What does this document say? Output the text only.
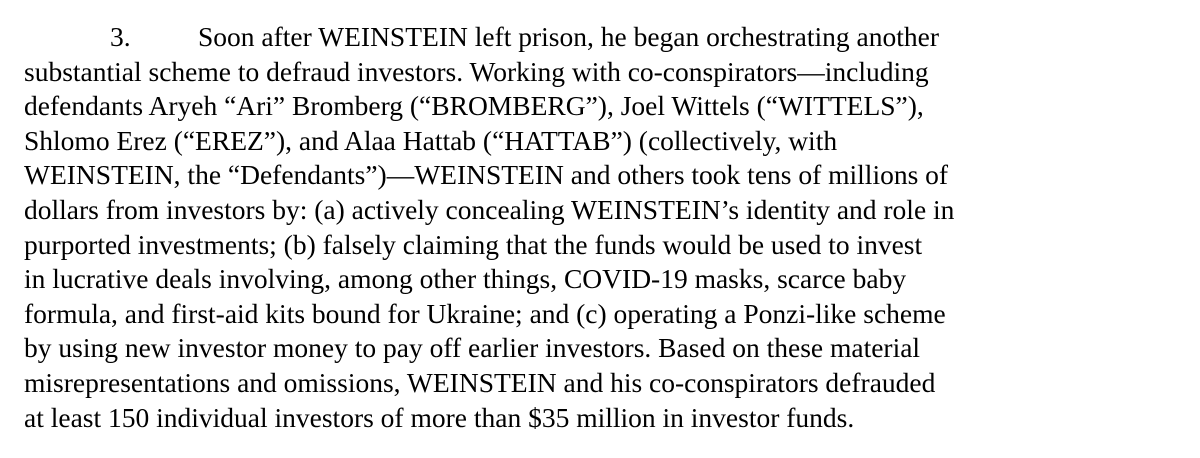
3. Soon after WEINSTEIN left prison, he began orchestrating another
substantial scheme to defraud investors. Working with co-conspirators—including
defendants Aryeh “Ari” Bromberg (“BROMBERG”), Joel Wittels (“WITTELS”),
Shlomo Erez (“EREZ”), and Alaa Hattab (“HATTAB”) (collectively, with
WEINSTEIN, the “Defendants”)—WEINSTEIN and others took tens of millions of
dollars from investors by: (a) actively concealing WEINSTEIN’s identity and role in
purported investments; (b) falsely claiming that the funds would be used to invest
in lucrative deals involving, among other things, COVID-19 masks, scarce baby
formula, and first-aid kits bound for Ukraine; and (c) operating a Ponzi-like scheme
by using new investor money to pay off earlier investors. Based on these material
misrepresentations and omissions, WEINSTEIN and his co-conspirators defrauded
at least 150 individual investors of more than $35 million in investor funds.
